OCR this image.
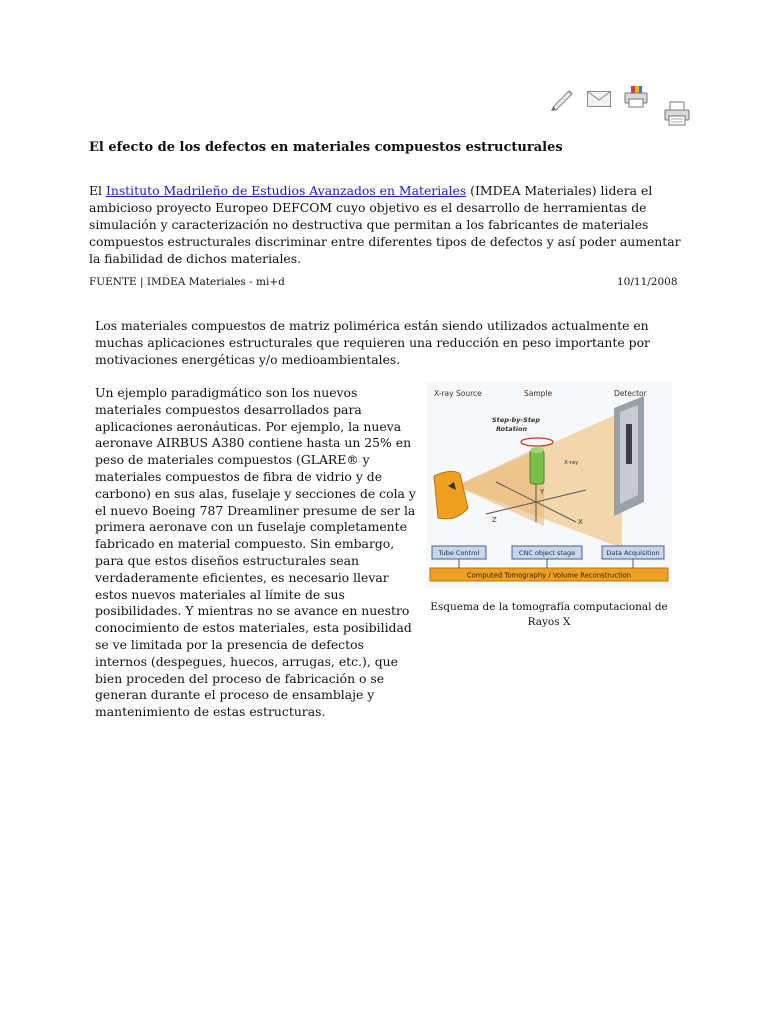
El efecto de los defectos en materiales compuestos estructurales
El Instituto Madrileño de Estudios Avanzados en Materiales (IMDEA Materiales) lidera el ambicioso proyecto Europeo DEFCOM cuyo objetivo es el desarrollo de herramientas de simulación y caracterización no destructiva que permitan a los fabricantes de materiales compuestos estructurales discriminar entre diferentes tipos de defectos y así poder aumentar la fiabilidad de dichos materiales.
FUENTE | IMDEA Materiales - mi+d	10/11/2008
Los materiales compuestos de matriz polimérica están siendo utilizados actualmente en muchas aplicaciones estructurales que requieren una reducción en peso importante por motivaciones energéticas y/o medioambientales.
Un ejemplo paradigmático son los nuevos materiales compuestos desarrollados para aplicaciones aeronáuticas. Por ejemplo, la nueva aeronave AIRBUS A380 contiene hasta un 25% en peso de materiales compuestos (GLARE® y materiales compuestos de fibra de vidrio y de carbono) en sus alas, fuselaje y secciones de cola y el nuevo Boeing 787 Dreamliner presume de ser la primera aeronave con un fuselaje completamente fabricado en material compuesto. Sin embargo, para que estos diseños estructurales sean verdaderamente eficientes, es necesario llevar estos nuevos materiales al límite de sus posibilidades. Y mientras no se avance en nuestro conocimiento de estos materiales, esta posibilidad se ve limitada por la presencia de defectos internos (despegues, huecos, arrugas, etc.), que bien proceden del proceso de fabricación o se generan durante el proceso de ensamblaje y mantenimiento de estas estructuras.
X-ray Source	Sample	Detector
Step-by-Step
Rotation
X-ray
Y
Z	X
Tube Control	CNC object stage	Data Acquisition
Computed Tomography / Volume Reconstruction
Esquema de la tomografía computacional de Rayos X
